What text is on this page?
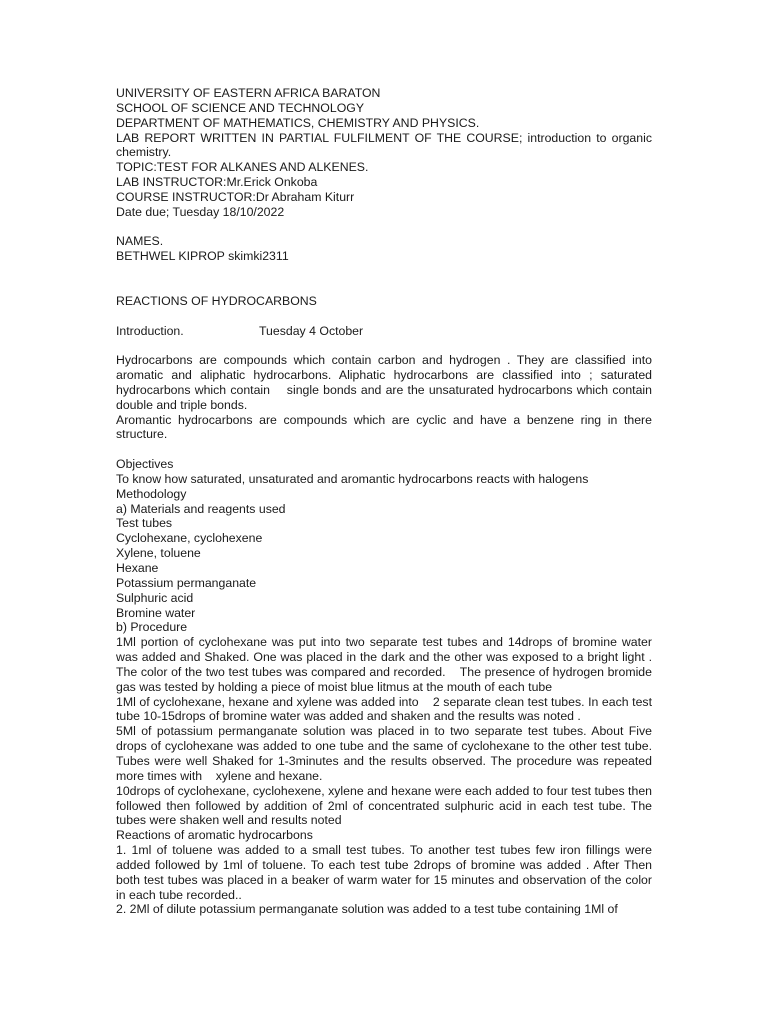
UNIVERSITY OF EASTERN AFRICA BARATON
SCHOOL OF SCIENCE AND TECHNOLOGY
DEPARTMENT OF MATHEMATICS, CHEMISTRY AND PHYSICS.
LAB REPORT WRITTEN IN PARTIAL FULFILMENT OF THE COURSE; introduction to organic chemistry.
TOPIC:TEST FOR ALKANES AND ALKENES.
LAB INSTRUCTOR:Mr.Erick Onkoba
COURSE INSTRUCTOR:Dr Abraham Kiturr
Date due; Tuesday 18/10/2022
NAMES.
BETHWEL KIPROP skimki2311
REACTIONS OF HYDROCARBONS
Introduction.	Tuesday 4 October
Hydrocarbons are compounds which contain carbon and hydrogen . They are classified into aromatic and aliphatic hydrocarbons. Aliphatic hydrocarbons are classified into ; saturated hydrocarbons which contain    single bonds and are the unsaturated hydrocarbons which contain double and triple bonds.
Aromantic hydrocarbons are compounds which are cyclic and have a benzene ring in there structure.
Objectives
To know how saturated, unsaturated and aromantic hydrocarbons reacts with halogens
Methodology
a) Materials and reagents used
Test tubes
Cyclohexane, cyclohexene
Xylene, toluene
Hexane
Potassium permanganate
Sulphuric acid
Bromine water
b) Procedure
1Ml portion of cyclohexane was put into two separate test tubes and 14drops of bromine water was added and Shaked. One was placed in the dark and the other was exposed to a bright light . The color of the two test tubes was compared and recorded.    The presence of hydrogen bromide    gas was tested by holding a piece of moist blue litmus at the mouth of each tube
1Ml of cyclohexane, hexane and xylene was added into    2 separate clean test tubes. In each test tube 10-15drops of bromine water was added and shaken and the results was noted .
5Ml of potassium permanganate solution was placed in to two separate test tubes. About Five drops of cyclohexane was added to one tube and the same of cyclohexane to the other test tube. Tubes were well Shaked for 1-3minutes and the results observed. The procedure was repeated more times with    xylene and hexane.
10drops of cyclohexane, cyclohexene, xylene and hexane were each added to four test tubes then followed then followed by addition of 2ml of concentrated sulphuric acid in each test tube. The tubes were shaken well and results noted
Reactions of aromatic hydrocarbons
1. 1ml of toluene was added to a small test tubes. To another test tubes few iron fillings were added followed by 1ml of toluene. To each test tube 2drops of bromine was added . After Then both test tubes was placed in a beaker of warm water for 15 minutes and observation of the color in each tube recorded..
2. 2Ml of dilute potassium permanganate solution was added to a test tube containing 1Ml of
